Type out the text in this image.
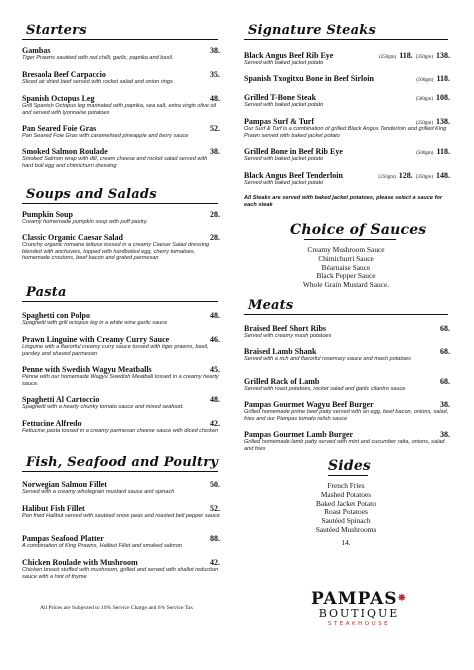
Starters
Gambas	38.
Tiger Prawns sautéed with red chilli, garlic, paprika and basil.
Bresaola Beef Carpaccio	35.
Sliced air dried beef served with rocket salad and onion rings
Spanish Octopus Leg	48.
Grill Spanish Octopus leg marinated with paprika, sea salt, extra virgin olive oil and served with lyonnaise potatoes
Pan Seared Foie Gras	52.
Pan Seared Foie Gras with caramelised pineapple and berry sauce
Smoked Salmon Roulade	38.
Smoked Salmon wrap with dill, cream cheese and rocket salad served with hard boil egg and chimichurri dressing
Soups and Salads
Pumpkin Soup	28.
Creamy homemade pumpkin soup with puff pastry.
Classic Organic Caesar Salad	28.
Crunchy organic romaine lettuce tossed in a creamy Caesar Salad dressing blended with anchovies, topped with hardboiled egg, cherry tomatoes, homemade croutons, beef bacon and grated parmesan
Pasta
Spaghetti con Polpo	48.
Spaghetti with grill octopus leg in a white wine garlic sauce
Prawn Linguine with Creamy Curry Sauce	46.
Linguine with a flavorful creamy curry sauce tossed with tiger prawns, basil, parsley and shaved parmesan
Penne with Swedish Wagyu Meatballs	45.
Penne with our homemade Wagyu Swedish Meatball tossed in a creamy hearty sauce.
Spaghetti Al Cartoccio	48.
Spaghetti with a hearty chunky tomato sauce and mixed seafood.
Fettucine Alfredo	42.
Fettucine pasta tossed in a creamy parmesan cheese sauce with diced chicken
Fish, Seafood and Poultry
Norwegian Salmon Fillet	50.
Served with a creamy wholegrain mustard sauce and spinach
Halibut Fish Fillet	52.
Pan fried Halibut served with sautéed snow peas and roasted bell pepper sauce
Pampas Seafood Platter	88.
A combination of King Prawns, Halibut Fillet and smoked salmon
Chicken Roulade with Mushroom	42.
Chicken breast stuffed with mushroom, grilled and served with shallot reduction sauce with a hint of thyme
All Prices are Subjected to 10% Service Charge and 6% Service Tax
Signature Steaks
Black Angus Beef Rib Eye	(250gm) 118. (350gm) 138.
Served with baked jacket potato
Spanish Txogitxu Bone in Beef Sirloin	(500gm) 118.
Grilled T-Bone Steak	(500gm) 108.
Served with baked jacket potato
Pampas Surf & Turf	(250gm) 138.
Our Surf & Turf is a combination of grilled Black Angus Tenderloin and grilled King Prawn served with baked jacket potato
Grilled Bone in Beef Rib Eye	(500gm) 118.
Served with baked jacket potato
Black Angus Beef Tenderloin	(250gm) 128. (350gm) 148.
Served with baked jacket potato
All Steaks are served with baked jacket potatoes, please select a sauce for each steak
Choice of Sauces
Creamy Mushroom Sauce
Chimichurri Sauce
Béarnaise Sauce
Black Pepper Sauce
Whole Grain Mustard Sauce.
Meats
Braised Beef Short Ribs	68.
Served with creamy mash potatoes
Braised Lamb Shank	68.
Served with a rich and flavorful rosemary sauce and mash potatoes
Grilled Rack of Lamb	68.
Served with roast potatoes, rocket salad and garlic cilantro sauce
Pampas Gourmet Wagyu Beef Burger	38.
Grilled homemade prime beef patty served with an egg, beef bacon, onions, salad, fries and our Pampas tomato relish sauce
Pampas Gourmet Lamb Burger	38.
Grilled homemade lamb patty served with mint and cucumber raita, onions, salad and fries
Sides
French Fries
Mashed Potatoes
Baked Jacket Potato
Roast Potatoes
Sautéed Spinach
Sautéed Mushrooms
14.
PAMPAS✵
BOUTIQUE
STEAKHOUSE
